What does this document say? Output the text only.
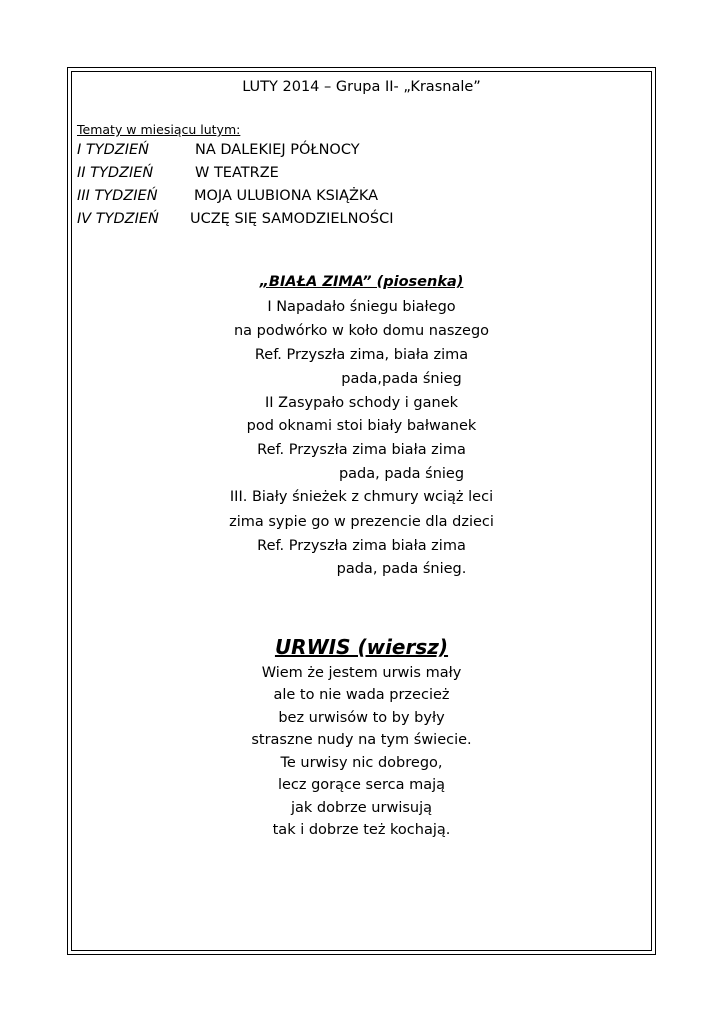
LUTY 2014 – Grupa II- „Krasnale”
Tematy w miesiącu lutym:
I TYDZIEŃ	NA DALEKIEJ PÓŁNOCY
II TYDZIEŃ	W TEATRZE
III TYDZIEŃ	MOJA ULUBIONA KSIĄŻKA
IV TYDZIEŃ UCZĘ SIĘ SAMODZIELNOŚCI
„BIAŁA ZIMA” (piosenka)
I Napadało śniegu białego
na podwórko w koło domu naszego
Ref. Przyszła zima, biała zima
pada,pada śnieg
II Zasypało schody i ganek
pod oknami stoi biały bałwanek
Ref. Przyszła zima biała zima
pada, pada śnieg
III. Biały śnieżek z chmury wciąż leci
zima sypie go w prezencie dla dzieci
Ref. Przyszła zima biała zima
pada, pada śnieg.
URWIS (wiersz)
Wiem że jestem urwis mały
ale to nie wada przecież
bez urwisów to by były
straszne nudy na tym świecie.
Te urwisy nic dobrego,
lecz gorące serca mają
jak dobrze urwisują
tak i dobrze też kochają.
